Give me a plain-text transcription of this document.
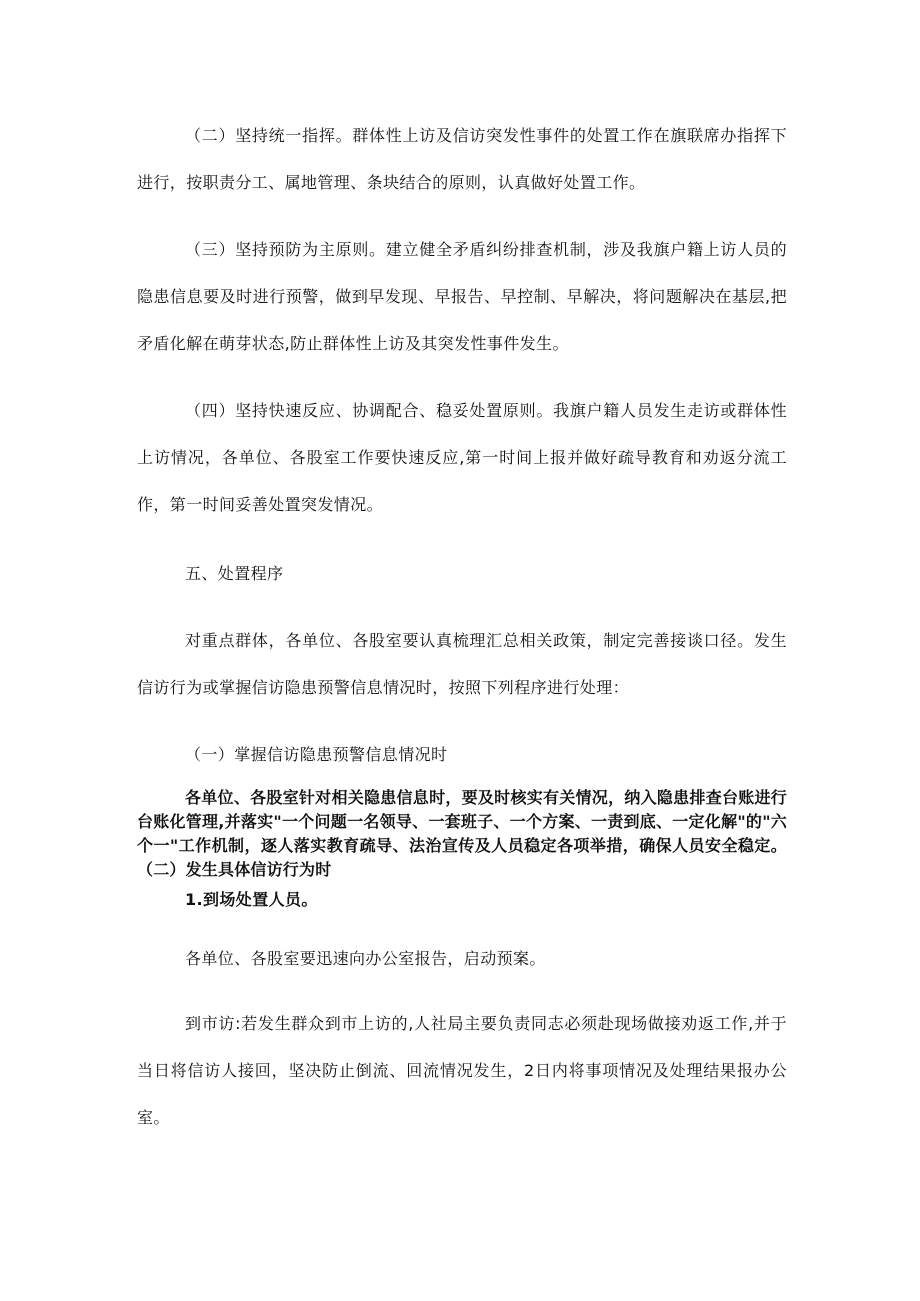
（二）坚持统一指挥。群体性上访及信访突发性事件的处置工作在旗联席办指挥下进行，按职责分工、属地管理、条块结合的原则，认真做好处置工作。

（三）坚持预防为主原则。建立健全矛盾纠纷排查机制，涉及我旗户籍上访人员的隐患信息要及时进行预警，做到早发现、早报告、早控制、早解决，将问题解决在基层,把矛盾化解在萌芽状态,防止群体性上访及其突发性事件发生。

（四）坚持快速反应、协调配合、稳妥处置原则。我旗户籍人员发生走访或群体性上访情况，各单位、各股室工作要快速反应,第一时间上报并做好疏导教育和劝返分流工作，第一时间妥善处置突发情况。

五、处置程序

对重点群体，各单位、各股室要认真梳理汇总相关政策，制定完善接谈口径。发生信访行为或掌握信访隐患预警信息情况时，按照下列程序进行处理：

（一）掌握信访隐患预警信息情况时

各单位、各股室针对相关隐患信息时，要及时核实有关情况，纳入隐患排查台账进行台账化管理,并落实"一个问题一名领导、一套班子、一个方案、一责到底、一定化解"的"六个一"工作机制，逐人落实教育疏导、法治宣传及人员稳定各项举措，确保人员安全稳定。（二）发生具体信访行为时

1.到场处置人员。

各单位、各股室要迅速向办公室报告，启动预案。

到市访:若发生群众到市上访的,人社局主要负责同志必须赴现场做接劝返工作,并于当日将信访人接回，坚决防止倒流、回流情况发生，2日内将事项情况及处理结果报办公室。
